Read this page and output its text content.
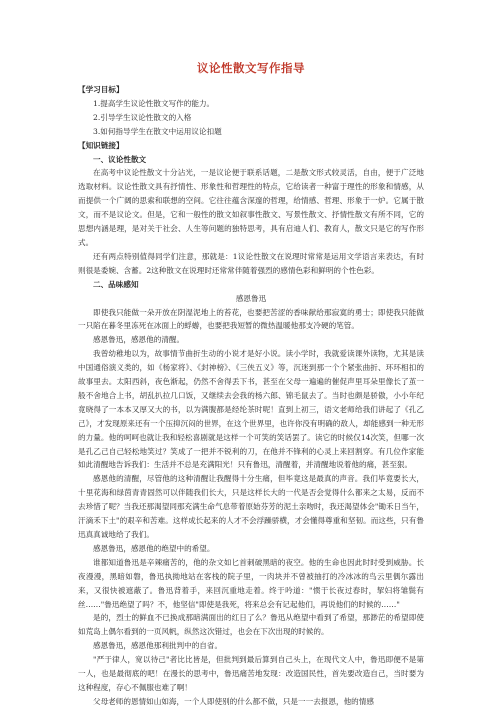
议论性散文写作指导
【学习目标】
1.提高学生议论性散文写作的能力。
2.引导学生议论性散文的入格
3.如何指导学生在散文中运用议论扣题
【知识链接】
一、议论性散文
在高考中议论性散文十分沾光，一是议论便于联系话题，二是散文形式较灵活，自由，便于广泛地选取材料。议论性散文具有抒情性、形象性和哲理性的特点，它给读者一种富于理性的形象和情感，从而提供一个广阔的思索和联想的空间。它往往蕴含深邃的哲理，给情感、哲理、形象于一炉。它属于散文，而不是议论文。但是，它和一般性的散文如叙事性散文、写景性散文、抒情性散文有所不同，它的思想内涵是理，是对关于社会、人生等问题的独特思考，具有启迪人们、教育人，散文只是它的写作形式。
还有两点特别值得同学们注意，那就是：1议论性散文在说理时常常是运用文学语言来表达，有时则很是委婉、含蓄。2这种散文在说理时还常常伴随着强烈的感情色彩和鲜明的个性色彩。
二、品味感知
感恩鲁迅
即使我只能做一朵开放在阴湿泥地上的苔花，也要把苦涩的香味献给那寂寞的勇士；即使我只能做一只陷在暮冬里冻死在冰面上的蜉蝣，也要把我短暂的微热温暖他那支冷硬的笔管。
感恩鲁迅，感恩他的清醒。
我曾幼稚地以为，故事情节曲折生动的小说才是好小说。读小学时，我就爱读课外读物，尤其是读中国通俗演义类的，如《杨家将》、《封神榜》、《三侠五义》等，沉迷到那一个个紧张曲折、环环相扣的故事里去。太阳西斜，夜色渐起，仍然不舍得丢下书，甚至在父母一遍遍的催促声里耳朵里像长了茧一般不舍地合上书，胡乱扒拉几口饭，又继续去会我的杨六郎、锦毛鼠去了。当时也颇是骄傲，小小年纪竟晓得了一本本又厚又大的书，以为满腹都是经纶茶时呢！直到上初三，语文老师给我们讲起了《孔乙己》，才发现原来还有一个压抑沉闷的世界，在这个世界里，也许你没有明确的敌人，却能感到一种无形的力量。他的呵呵也就让我和轻松喜剧就是这样一个可笑的笑话罢了。读它的时候仅14次笑，但哪一次是孔乙己自己轻松地笑过？笑成了一把并不锐利的刀，在他并不锋利的心灵上来回割穿。有几位作家能如此清醒地告诉我们：生活并不总是充满阳光！只有鲁迅，清醒着，并清醒地说着他的痛，甚至狠。
感恩他的清醒，尽管他的这种清醒让我醒得十分生痛，但毕竟这是最真的声音。我们毕竟要长大，十里花海和绿茵青青固然可以伴随我们长大，只是这样长大的一代是否会觉得什么都来之太易，反而不去珍惜了呢？当我还那渴望同那充满生命气息带着原始芬芳的泥土亲吻时，我还渴望体会"锄禾日当午，汗滴禾下土"的艰辛和苦难。这样成长起来的人才不会浮躁骄横，才会懂得尊重和坚韧。而这些，只有鲁迅真真诚地给了我们。
感恩鲁迅，感恩他的绝望中的希望。
谁都知道鲁迅是辛辣痛苦的，他的杂文如匕首刺破黑暗的夜空。他的生命也因此时时受到威胁。长夜漫漫，黑暗如磐，鲁迅执拗地站在客栈的院子里，一肉块并不曾被抽打的冷冰冰的鸟云里偶尔露出来，又很快被遮蔽了。鲁迅背着手，来回沉重地走着。终于吟道："惯于长夜过春时，挈妇将雏鬓有丝……"鲁迅绝望了吗？不，他坚信"即使是我死，将来总会有记起他们，再说他们的时候的……"
是的，烈士的鲜血不已换成那暗满面出的红日了么？鲁迅从绝望中看到了希望，那渺茫的希望即使如荒岛上偶尔看到的一页风帆，纵然这次错过，也会在下次出现的时候的。
感恩鲁迅，感恩他那利批判中的自省。
"严于律人，宽以待己"者比比皆是，但批判到最后算到自己头上，在现代文人中，鲁迅即便不是第一人，也是最彻底的吧！在漫长的思考中，鲁迅痛苦地发现：改造国民性，首先要改造自己，当时要为这种程度，存心不佩服也难了啊！
父母老师的恩情如山如海，一个人即使别的什么都不做，只是一一去报恩，他的情感
